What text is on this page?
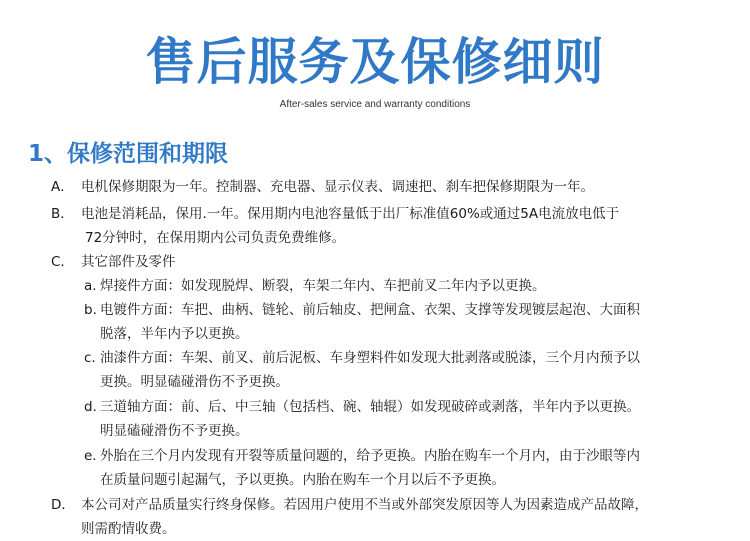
售后服务及保修细则
After-sales service and warranty conditions
1、保修范围和期限
A． 电机保修期限为一年。控制器、充电器、显示仪表、调速把、刹车把保修期限为一年。
B． 电池是消耗品，保用.一年。保用期内电池容量低于出厂标准值60%或通过5A电流放电低于
72分钟时，在保用期内公司负责免费维修。
C． 其它部件及零件
a. 焊接件方面：如发现脱焊、断裂，车架二年内、车把前叉二年内予以更换。
b. 电镀件方面：车把、曲柄、链轮、前后轴皮、把闸盒、衣架、支撑等发现镀层起泡、大面积
脱落，半年内予以更换。
c. 油漆件方面：车架、前叉、前后泥板、车身塑料件如发现大批剥落或脱漆，三个月内预予以
更换。明显磕碰滑伤不予更换。
d. 三道轴方面：前、后、中三轴（包括档、碗、轴辊）如发现破碎或剥落，半年内予以更换。
明显磕碰滑伤不予更换。
e. 外胎在三个月内发现有开裂等质量问题的，给予更换。内胎在购车一个月内，由于沙眼等内
在质量问题引起漏气，予以更换。内胎在购车一个月以后不予更换。
D． 本公司对产品质量实行终身保修。若因用户使用不当或外部突发原因等人为因素造成产品故障，
则需酌情收费。
